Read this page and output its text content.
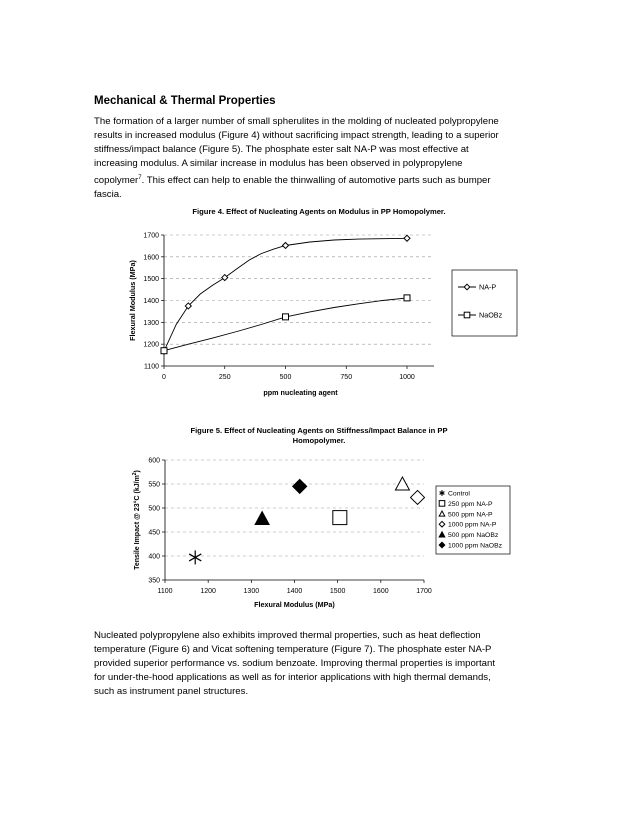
Mechanical & Thermal Properties

The formation of a larger number of small spherulites in the molding of nucleated polypropylene
results in increased modulus (Figure 4) without sacrificing impact strength, leading to a superior
stiffness/impact balance (Figure 5). The phosphate ester salt NA-P was most effective at
increasing modulus. A similar increase in modulus has been observed in polypropylene
copolymer$^7$. This effect can help to enable the thinwalling of automotive parts such as bumper
fascia.

Figure 4. Effect of Nucleating Agents on Modulus in PP Homopolymer.
1100
1200
1300
1400
1500
1600
1700
0	250	500	750	1000
ppm nucleating agent
Flexural Modulus (MPa)	NA-P
NaOBz
Figure 5. Effect of Nucleating Agents on Stiffness/Impact Balance in PP
Homopolymer.
350
400
450
500
550
600
1100	1200	1300	1400	1500	1600	1700
Flexural Modulus (MPa)
Tensile Impact @ 23°C $(kJ/m^2)$
Control
250 ppm NA-P
500 ppm NA-P
1000 ppm NA-P
500 ppm NaOBz
1000 ppm NaOBz

Nucleated polypropylene also exhibits improved thermal properties, such as heat deflection
temperature (Figure 6) and Vicat softening temperature (Figure 7). The phosphate ester NA-P
provided superior performance vs. sodium benzoate. Improving thermal properties is important
for under-the-hood applications as well as for interior applications with high thermal demands,
such as instrument panel structures.
